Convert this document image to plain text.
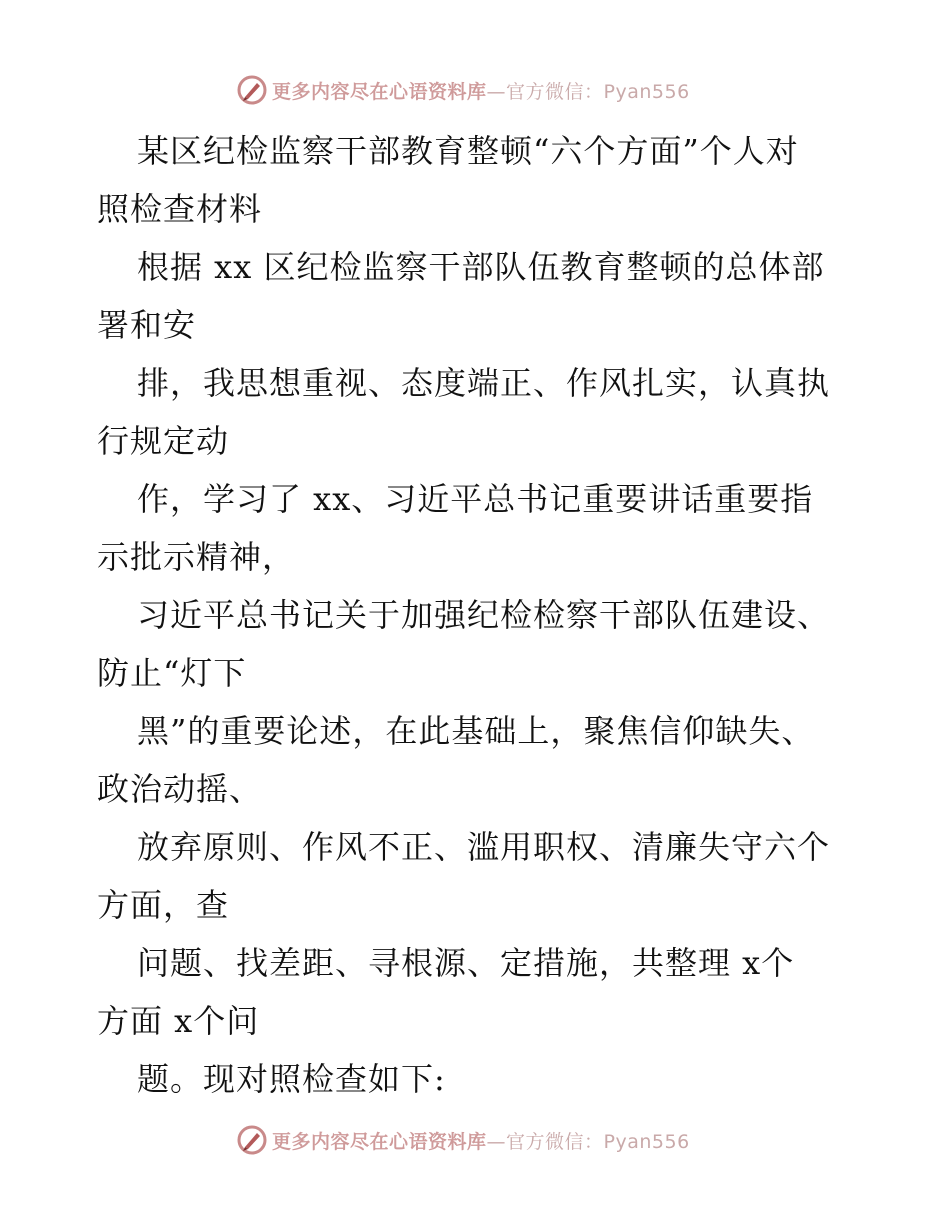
更多内容尽在心语资料库—官方微信：Pyan556
某区纪检监察干部教育整顿“六个方面”个人对
照检查材料
根据 xx 区纪检监察干部队伍教育整顿的总体部
署和安
排，我思想重视、态度端正、作风扎实，认真执
行规定动
作，学习了 xx、习近平总书记重要讲话重要指
示批示精神，
习近平总书记关于加强纪检检察干部队伍建设、
防止“灯下
黑”的重要论述，在此基础上，聚焦信仰缺失、
政治动摇、
放弃原则、作风不正、滥用职权、清廉失守六个
方面，查
问题、找差距、寻根源、定措施，共整理 x个
方面 x个问
题。现对照检查如下:
更多内容尽在心语资料库—官方微信：Pyan556
